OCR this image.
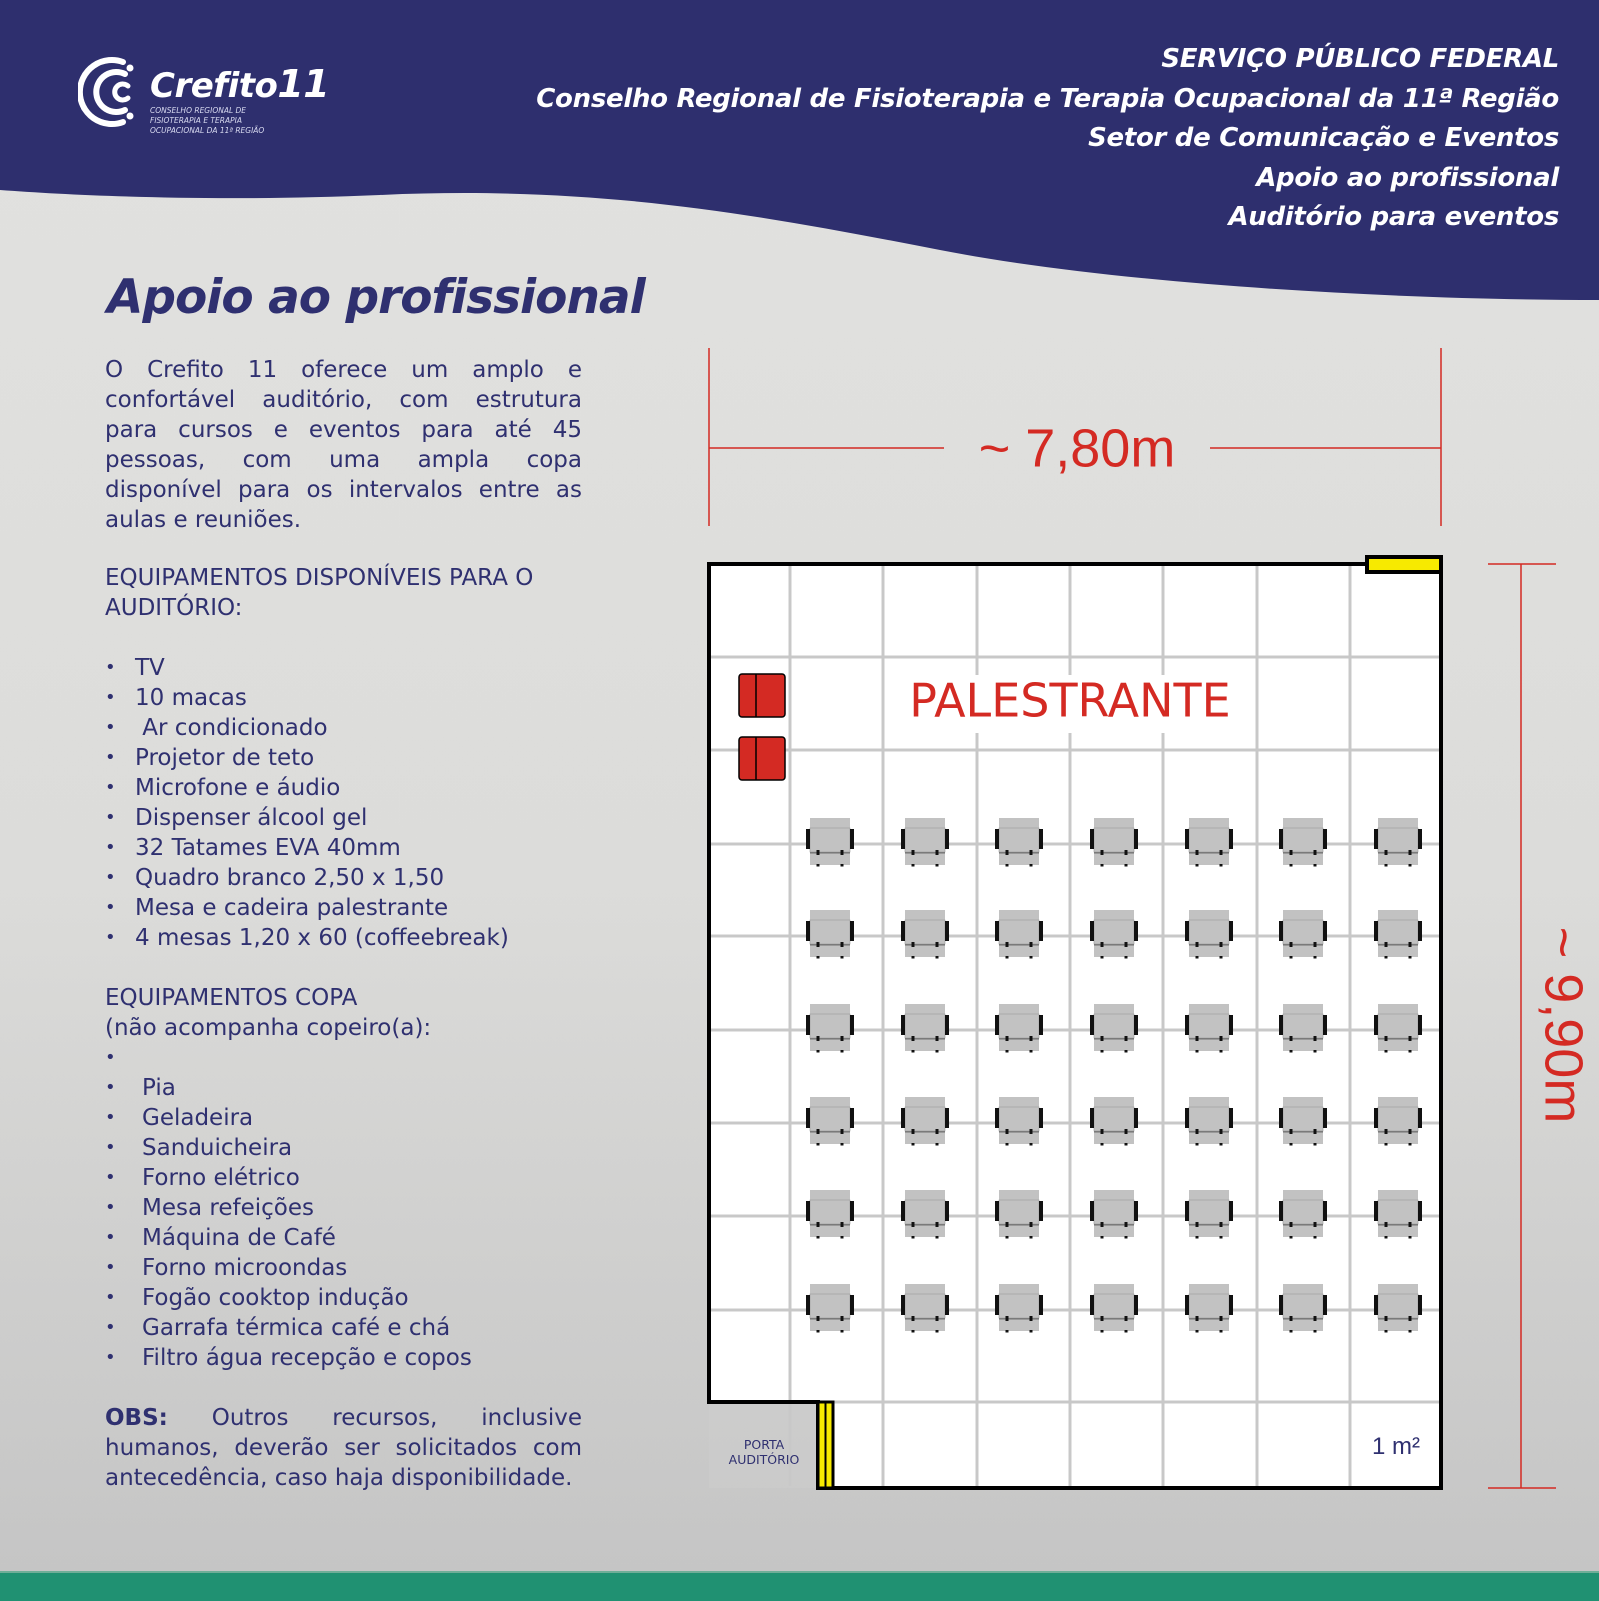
Crefito11
CONSELHO REGIONAL DE
FISIOTERAPIA E TERAPIA
OCUPACIONAL DA 11ª REGIÃO
SERVIÇO PÚBLICO FEDERAL
Conselho Regional de Fisioterapia e Terapia Ocupacional da 11ª Região
Setor de Comunicação e Eventos
Apoio ao profissional
Auditório para eventos
Apoio ao profissional

O Crefito 11 oferece um amplo e confortável auditório, com estrutura para cursos e eventos para até 45 pessoas, com uma ampla copa disponível para os intervalos entre as aulas e reuniões.

EQUIPAMENTOS DISPONÍVEIS PARA O AUDITÓRIO:

• TV
• 10 macas
•  Ar condicionado
• Projetor de teto
• Microfone e áudio
• Dispenser álcool gel
• 32 Tatames EVA 40mm
• Quadro branco 2,50 x 1,50
• Mesa e cadeira palestrante
• 4 mesas 1,20 x 60 (coffeebreak)

EQUIPAMENTOS COPA

(não acompanha copeiro(a):

•
• Pia
• Geladeira
• Sanduicheira
• Forno elétrico
• Mesa refeições
• Máquina de Café
• Forno microondas
• Fogão cooktop indução
• Garrafa térmica café e chá
• Filtro água recepção e copos

OBS: Outros recursos, inclusive humanos, deverão ser solicitados com antecedência, caso haja disponibilidade.

~ 7,80m
~ 9,90m
PORTA
AUDITÓRIO
PALESTRANTE
1 m²
